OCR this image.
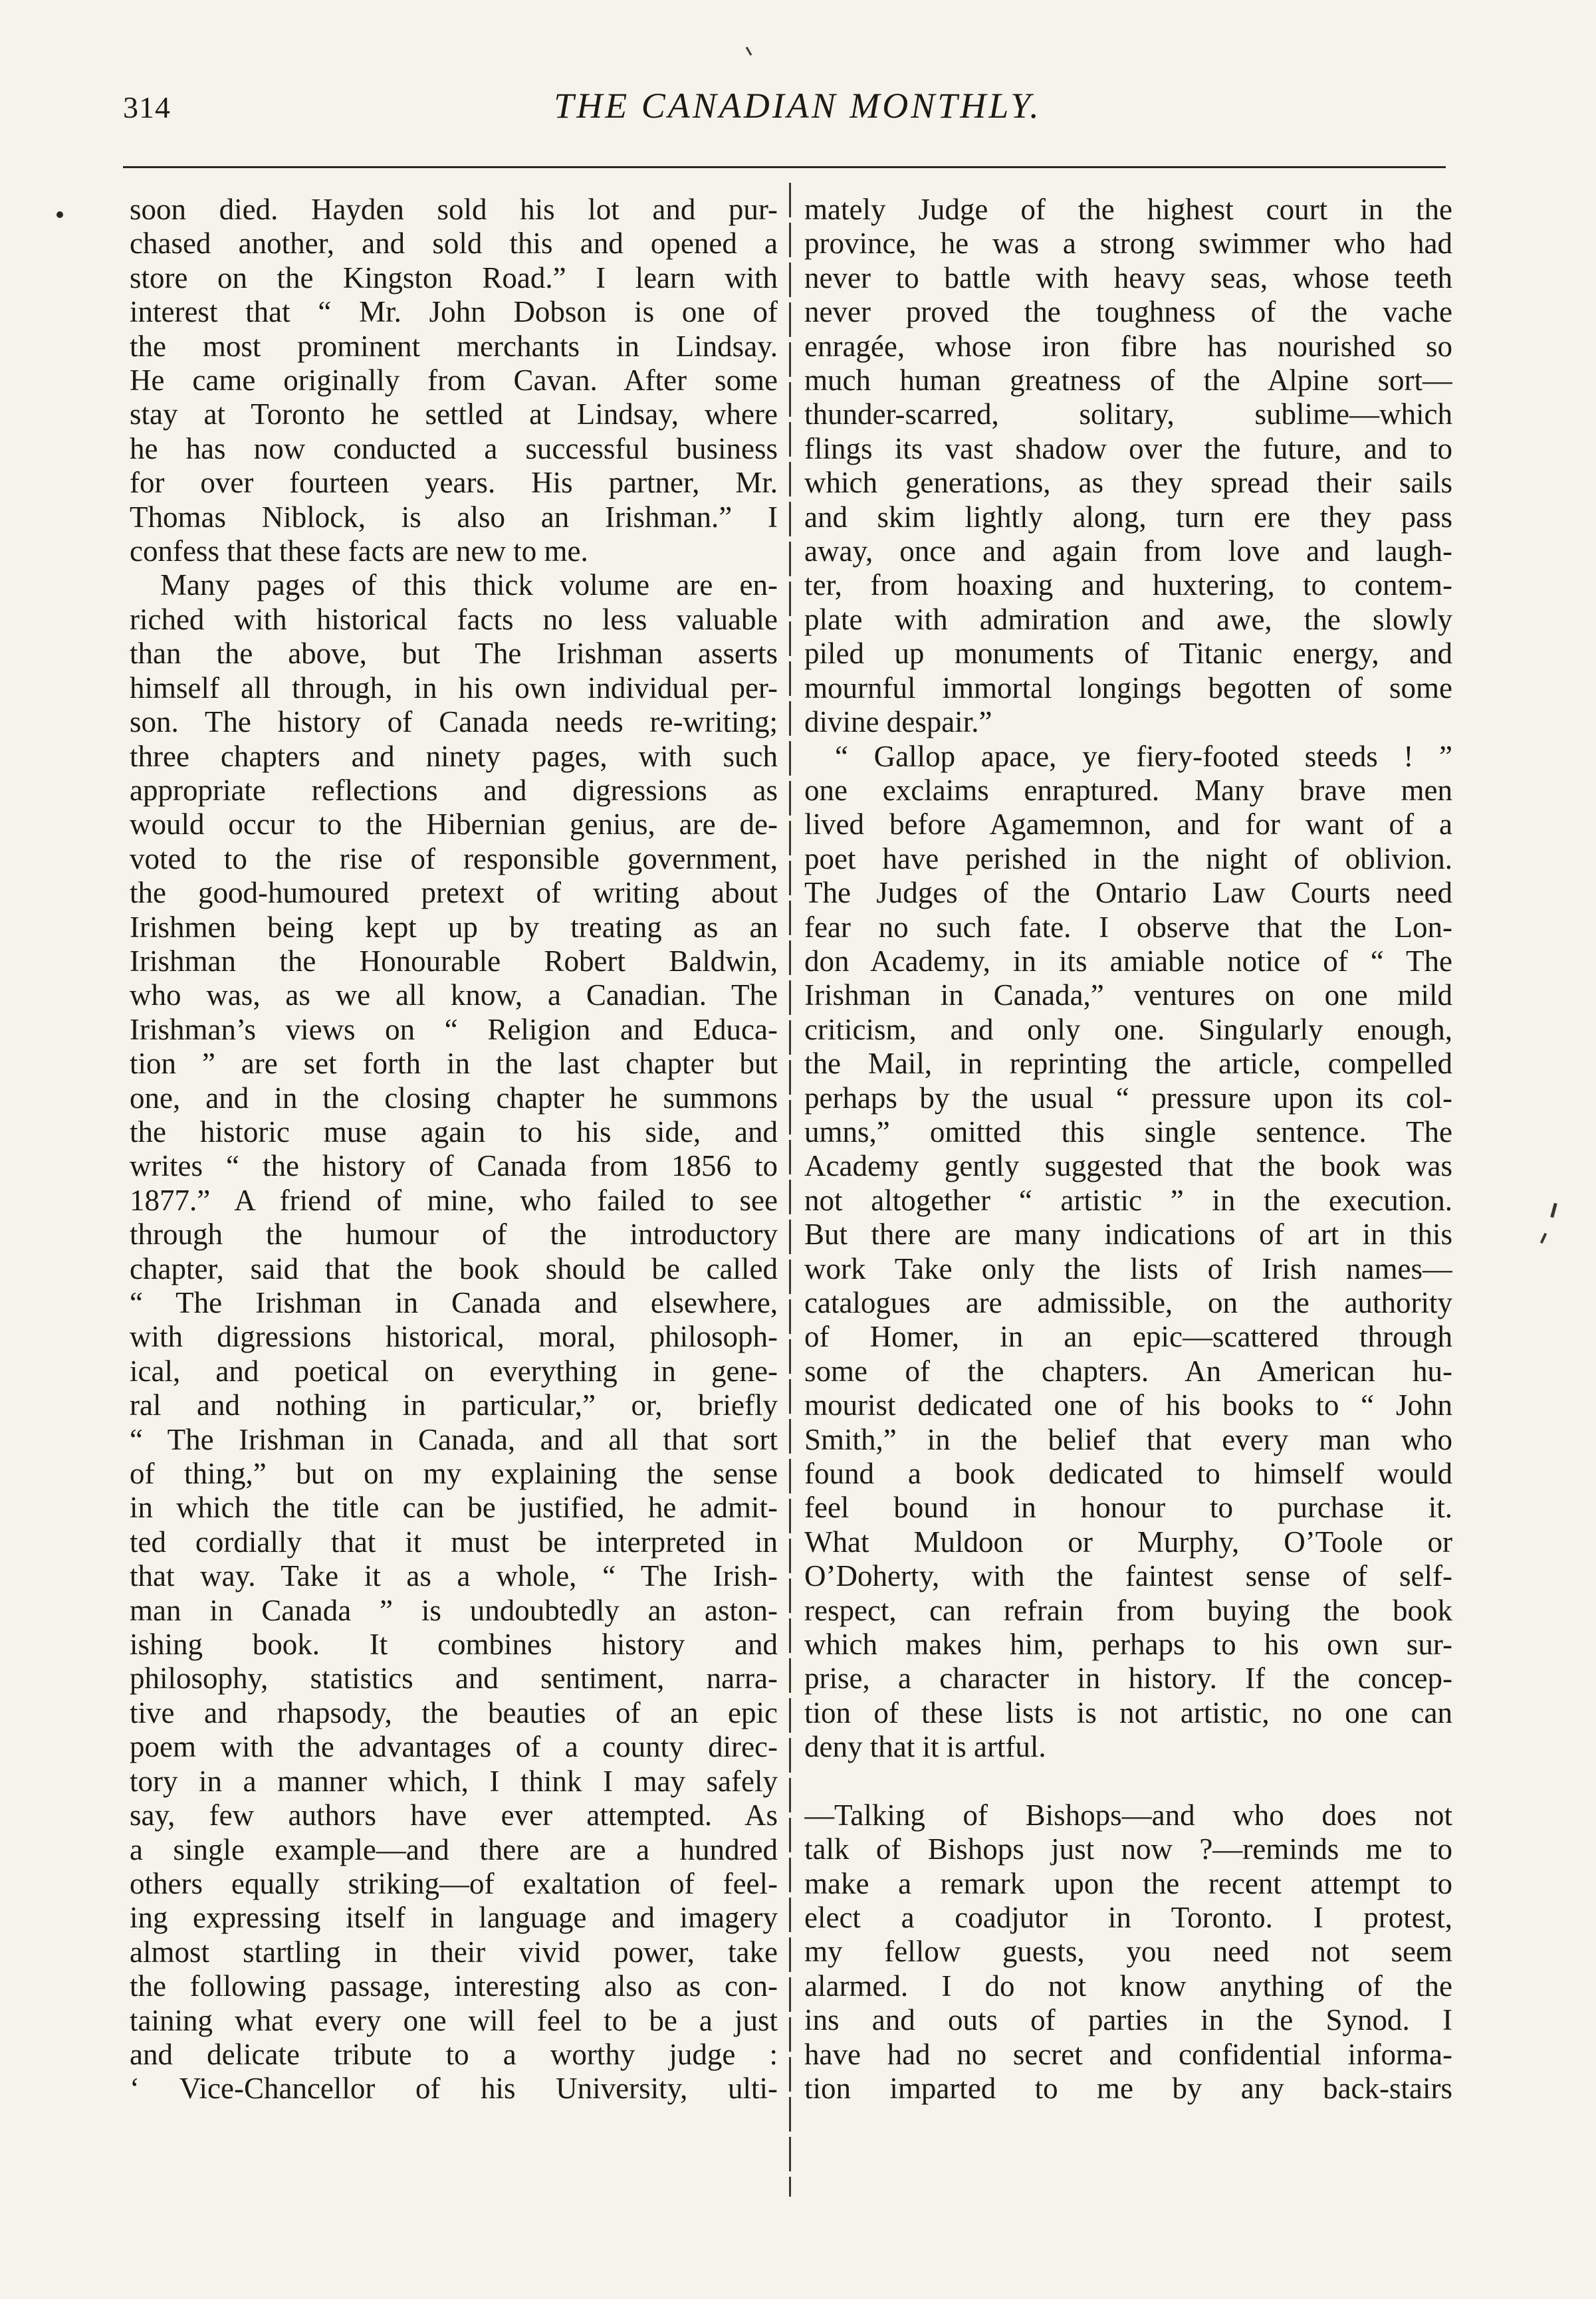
314	THE CANADIAN MONTHLY.

soon died. Hayden sold his lot and pur-
chased another, and sold this and opened a
store on the Kingston Road.” I learn with
interest that “ Mr. John Dobson is one of
the most prominent merchants in Lindsay.
He came originally from Cavan. After some
stay at Toronto he settled at Lindsay, where
he has now conducted a successful business
for over fourteen years. His partner, Mr.
Thomas Niblock, is also an Irishman.” I
confess that these facts are new to me.

Many pages of this thick volume are en-
riched with historical facts no less valuable
than the above, but The Irishman asserts
himself all through, in his own individual per-
son. The history of Canada needs re-writing;
three chapters and ninety pages, with such
appropriate reflections and digressions as
would occur to the Hibernian genius, are de-
voted to the rise of responsible government,
the good-humoured pretext of writing about
Irishmen being kept up by treating as an
Irishman the Honourable Robert Baldwin,
who was, as we all know, a Canadian. The
Irishman’s views on “ Religion and Educa-
tion ” are set forth in the last chapter but
one, and in the closing chapter he summons
the historic muse again to his side, and
writes “ the history of Canada from 1856 to
1877.” A friend of mine, who failed to see
through the humour of the introductory
chapter, said that the book should be called
“ The Irishman in Canada and elsewhere,
with digressions historical, moral, philosoph-
ical, and poetical on everything in gene-
ral and nothing in particular,” or, briefly
“ The Irishman in Canada, and all that sort
of thing,” but on my explaining the sense
in which the title can be justified, he admit-
ted cordially that it must be interpreted in
that way. Take it as a whole, “ The Irish-
man in Canada ” is undoubtedly an aston-
ishing book. It combines history and
philosophy, statistics and sentiment, narra-
tive and rhapsody, the beauties of an epic
poem with the advantages of a county direc-
tory in a manner which, I think I may safely
say, few authors have ever attempted. As
a single example—and there are a hundred
others equally striking—of exaltation of feel-
ing expressing itself in language and imagery
almost startling in their vivid power, take
the following passage, interesting also as con-
taining what every one will feel to be a just
and delicate tribute to a worthy judge :
‘ Vice-Chancellor of his University, ulti-

mately Judge of the highest court in the
province, he was a strong swimmer who had
never to battle with heavy seas, whose teeth
never proved the toughness of the vache
enragée, whose iron fibre has nourished so
much human greatness of the Alpine sort—
thunder-scarred, solitary, sublime—which
flings its vast shadow over the future, and to
which generations, as they spread their sails
and skim lightly along, turn ere they pass
away, once and again from love and laugh-
ter, from hoaxing and huxtering, to contem-
plate with admiration and awe, the slowly
piled up monuments of Titanic energy, and
mournful immortal longings begotten of some
divine despair.”

“ Gallop apace, ye fiery-footed steeds ! ”
one exclaims enraptured. Many brave men
lived before Agamemnon, and for want of a
poet have perished in the night of oblivion.
The Judges of the Ontario Law Courts need
fear no such fate. I observe that the Lon-
don Academy, in its amiable notice of “ The
Irishman in Canada,” ventures on one mild
criticism, and only one. Singularly enough,
the Mail, in reprinting the article, compelled
perhaps by the usual “ pressure upon its col-
umns,” omitted this single sentence. The
Academy gently suggested that the book was
not altogether “ artistic ” in the execution.
But there are many indications of art in this
work Take only the lists of Irish names—
catalogues are admissible, on the authority
of Homer, in an epic—scattered through
some of the chapters. An American hu-
mourist dedicated one of his books to “ John
Smith,” in the belief that every man who
found a book dedicated to himself would
feel bound in honour to purchase it.
What Muldoon or Murphy, O’Toole or
O’Doherty, with the faintest sense of self-
respect, can refrain from buying the book
which makes him, perhaps to his own sur-
prise, a character in history. If the concep-
tion of these lists is not artistic, no one can
deny that it is artful.

—Talking of Bishops—and who does not
talk of Bishops just now ?—reminds me to
make a remark upon the recent attempt to
elect a coadjutor in Toronto. I protest,
my fellow guests, you need not seem
alarmed. I do not know anything of the
ins and outs of parties in the Synod. I
have had no secret and confidential informa-
tion imparted to me by any back-stairs
